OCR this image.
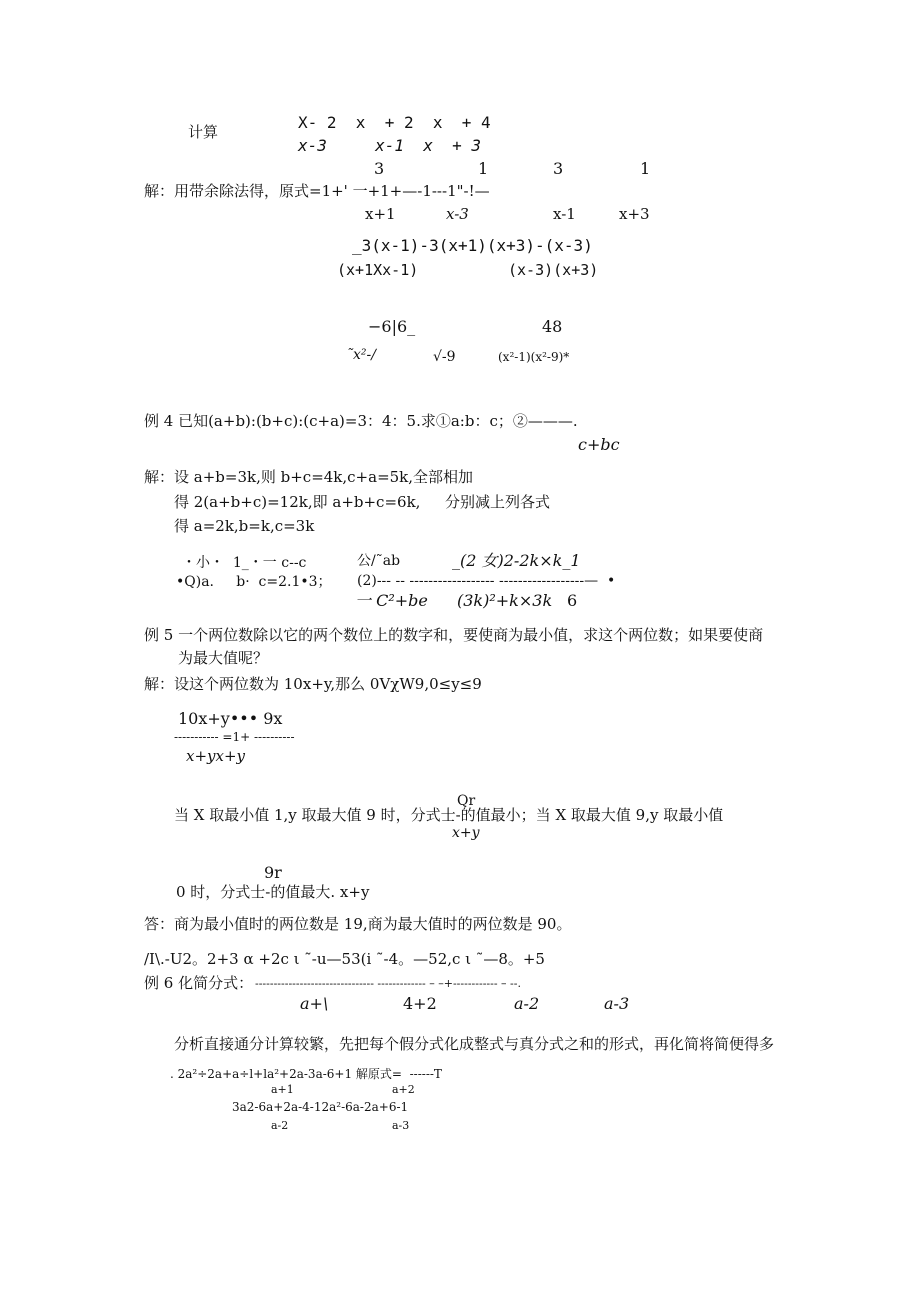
计算	X- 2  x  + 2  x  + 4
x-3     x-1  x  + 3
3	1	3	1
解：用带余除法得，原式=1+' 一+1+—-1---1"-!—
x+1	x-3	x-1	x+3
_3(x-1)-3(x+1)(x+3)-(x-3)
(x+1Xx-1)	(x-3)(x+3)
−6|6_	48
˜x²-∕	√-9	(x²-1)(x²-9)*
例 4 已知(a+b):(b+c):(c+a)=3：4：5.求①a:b：c；②———.
c+bc
解：设 a+b=3k,则 b+c=4k,c+a=5k,全部相加
得 2(a+b+c)=12k,即 a+b+c=6k, 分别减上列各式
得 a=2k,b=k,c=3k
・小・  1_・一 c--c	公/˜ab	_(2 女)2-2k×k_1
•Q)a.     b·  c=2.1•3； (2)--- -- ------------------ ------------------—  •
一 C²+be (3k)²+k×3k 6
例 5 一个两位数除以它的两个数位上的数字和，要使商为最小值，求这个两位数；如果要使商
为最大值呢？
解：设这个两位数为 10x+y,那么 0VχW9,0≤y≤9
10x+y••• 9x
----------- =1+ ----------
x+yx+y
Qr
当 X 取最小值 1,y 取最大值 9 时，分式士-的值最小；当 X 取最大值 9,y 取最小值
x+y
9r
0 时，分式士-的值最大. x+y
答：商为最小值时的两位数是 19,商为最大值时的两位数是 90。
/I\.-U2。2+3 α +2c ι ˜-u—53(i ˜-4。—52,c ι ˜—8。+5
例 6 化简分式： -------------------------------- ------------- – –+------------ – --.
a+\	4+2	a-2	a-3
分析直接通分计算较繁，先把每个假分式化成整式与真分式之和的形式，再化简将简便得多
. 2a²÷2a+a÷l+la²+2a-3a-6+1 解原式=  ------T
a+1	a+2
3a2-6a+2a-4-12a²-6a-2a+6-1
a-2	a-3
